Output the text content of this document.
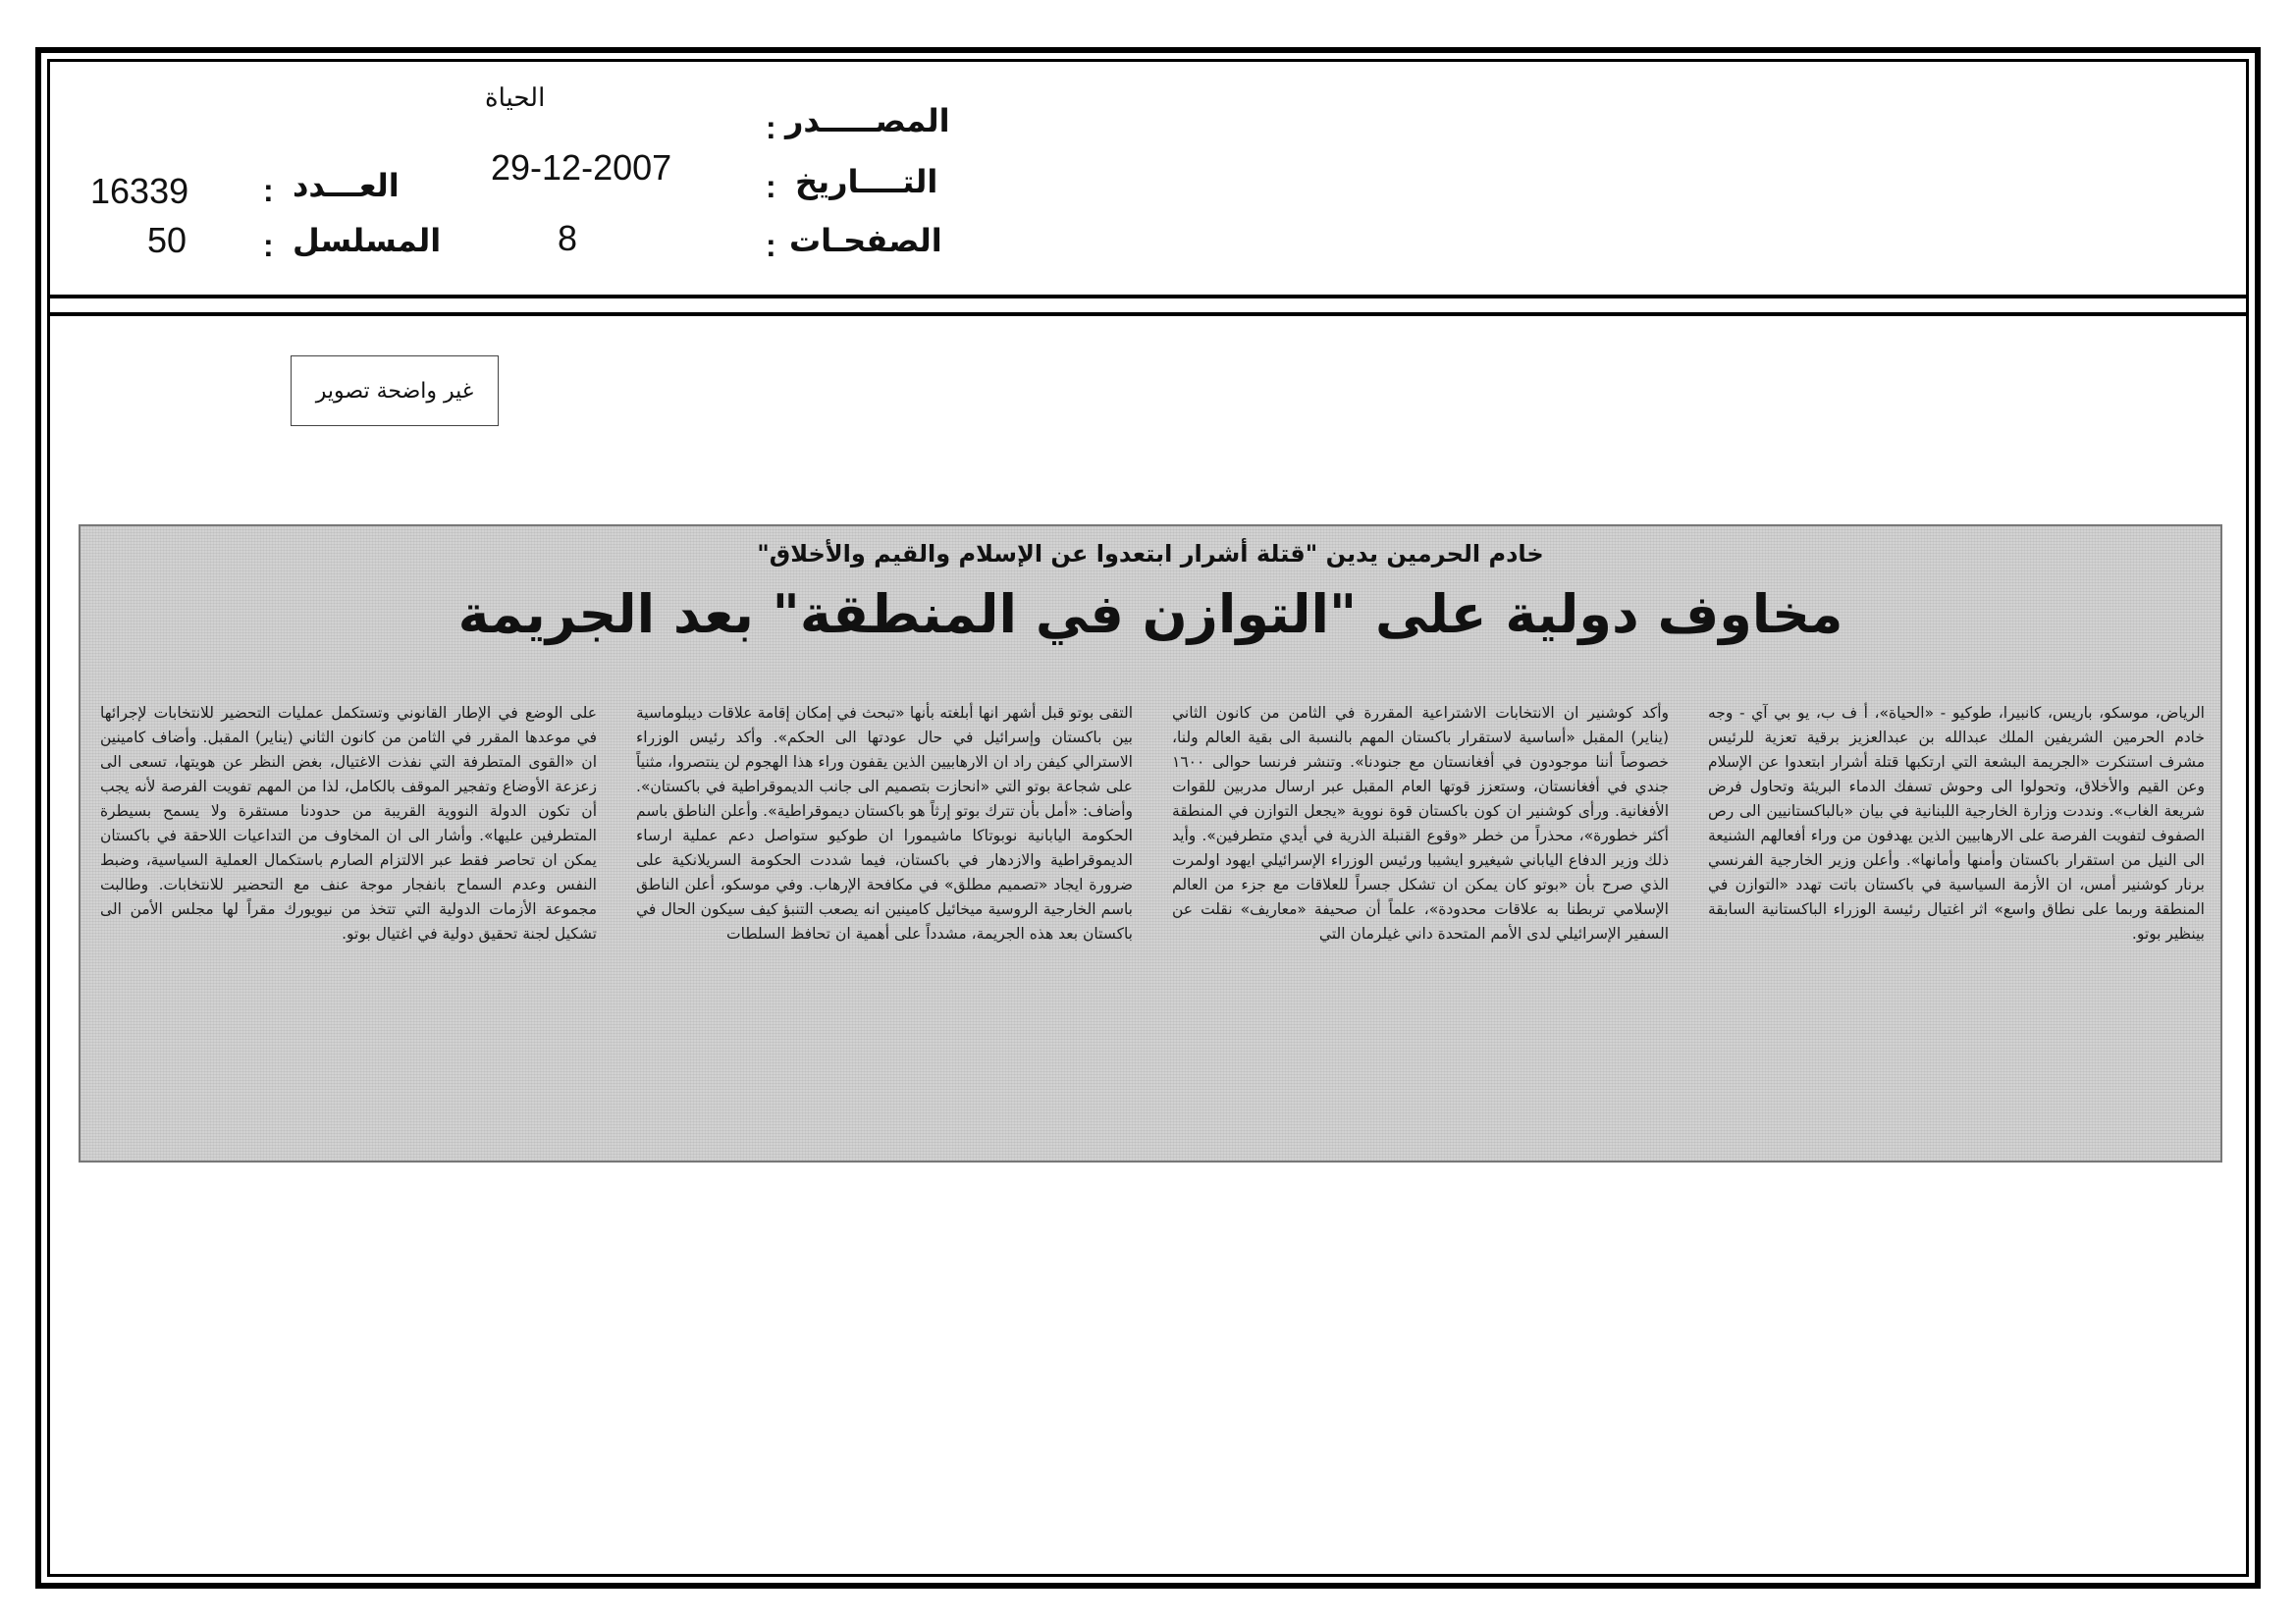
الحياة
: المصـــــدر
29-12-2007	: التــــاريخ
8	: الصفحـات
16339 : العـــدد
50 : المسلسل
غير واضحة تصوير
خادم الحرمين يدين "قتلة أشرار ابتعدوا عن الإسلام والقيم والأخلاق"
مخاوف دولية على "التوازن في المنطقة" بعد الجريمة
الرياض، موسكو، باريس، كانبيرا، طوكيو - «الحياة»، أ ف ب، يو بي آي - وجه خادم الحرمين الشريفين الملك عبدالله بن عبدالعزيز برقية تعزية للرئيس مشرف استنكرت «الجريمة البشعة التي ارتكبها قتلة أشرار ابتعدوا عن الإسلام وعن القيم والأخلاق، وتحولوا الى وحوش تسفك الدماء البريئة وتحاول فرض شريعة الغاب». ونددت وزارة الخارجية اللبنانية في بيان «بالباكستانيين الى رص الصفوف لتفويت الفرصة على الارهابيين الذين يهدفون من وراء أفعالهم الشنيعة الى النيل من استقرار باكستان وأمنها وأمانها». وأعلن وزير الخارجية الفرنسي برنار كوشنير أمس، ان الأزمة السياسية في باكستان باتت تهدد «التوازن في المنطقة وربما على نطاق واسع» اثر اغتيال رئيسة الوزراء الباكستانية السابقة بينظير بوتو.
وأكد كوشنير ان الانتخابات الاشتراعية المقررة في الثامن من كانون الثاني (يناير) المقبل «أساسية لاستقرار باكستان المهم بالنسبة الى بقية العالم ولنا، خصوصاً أننا موجودون في أفغانستان مع جنودنا». وتنشر فرنسا حوالى ١٦٠٠ جندي في أفغانستان، وستعزز قوتها العام المقبل عبر ارسال مدربين للقوات الأفغانية. ورأى كوشنير ان كون باكستان قوة نووية «يجعل التوازن في المنطقة أكثر خطورة»، محذراً من خطر «وقوع القنبلة الذرية في أيدي متطرفين». وأيد ذلك وزير الدفاع الياباني شيغيرو ايشيبا ورئيس الوزراء الإسرائيلي ايهود اولمرت الذي صرح بأن «بوتو كان يمكن ان تشكل جسراً للعلاقات مع جزء من العالم الإسلامي تربطنا به علاقات محدودة»، علماً أن صحيفة «معاريف» نقلت عن السفير الإسرائيلي لدى الأمم المتحدة داني غيلرمان التي
التقى بوتو قبل أشهر انها أبلغته بأنها «تبحث في إمكان إقامة علاقات ديبلوماسية بين باكستان وإسرائيل في حال عودتها الى الحكم». وأكد رئيس الوزراء الاسترالي كيفن راد ان الارهابيين الذين يقفون وراء هذا الهجوم لن ينتصروا، مثنياً على شجاعة بوتو التي «انحازت بتصميم الى جانب الديموقراطية في باكستان». وأضاف: «أمل بأن تترك بوتو إرثاً هو باكستان ديموقراطية». وأعلن الناطق باسم الحكومة اليابانية نوبوتاكا ماشيمورا ان طوكيو ستواصل دعم عملية ارساء الديموقراطية والازدهار في باكستان، فيما شددت الحكومة السريلانكية على ضرورة ايجاد «تصميم مطلق» في مكافحة الإرهاب. وفي موسكو، أعلن الناطق باسم الخارجية الروسية ميخائيل كامينين انه يصعب التنبؤ كيف سيكون الحال في باكستان بعد هذه الجريمة، مشدداً على أهمية ان تحافظ السلطات
على الوضع في الإطار القانوني وتستكمل عمليات التحضير للانتخابات لإجرائها في موعدها المقرر في الثامن من كانون الثاني (يناير) المقبل. وأضاف كامينين ان «القوى المتطرفة التي نفذت الاغتيال، بغض النظر عن هويتها، تسعى الى زعزعة الأوضاع وتفجير الموقف بالكامل، لذا من المهم تفويت الفرصة لأنه يجب أن تكون الدولة النووية القريبة من حدودنا مستقرة ولا يسمح بسيطرة المتطرفين عليها». وأشار الى ان المخاوف من التداعيات اللاحقة في باكستان يمكن ان تحاصر فقط عبر الالتزام الصارم باستكمال العملية السياسية، وضبط النفس وعدم السماح بانفجار موجة عنف مع التحضير للانتخابات. وطالبت مجموعة الأزمات الدولية التي تتخذ من نيويورك مقراً لها مجلس الأمن الى تشكيل لجنة تحقيق دولية في اغتيال بوتو.
